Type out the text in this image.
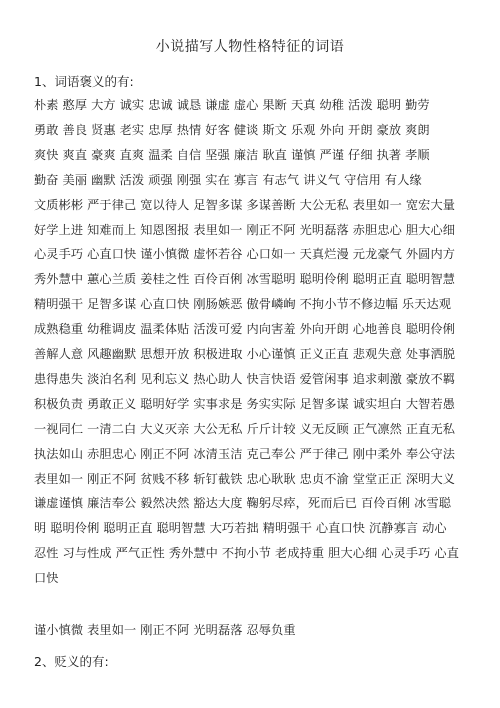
小说描写人物性格特征的词语
1、词语褒义的有:
朴素 憨厚 大方 诚实 忠诚 诚恳 谦虚 虚心 果断 天真 幼稚 活泼 聪明 勤劳
勇敢 善良 贤惠 老实 忠厚 热情 好客 健谈 斯文 乐观 外向 开朗 豪放 爽朗
爽快 爽直 豪爽 直爽 温柔 自信 坚强 廉洁 耿直 谨慎 严谨 仔细 执著 孝顺
勤奋 美丽 幽默 活泼 顽强 刚强 实在 寡言 有志气 讲义气 守信用 有人缘
文质彬彬 严于律己 宽以待人 足智多谋 多谋善断 大公无私 表里如一 宽宏大量
好学上进 知难而上 知恩图报 表里如一 刚正不阿 光明磊落 赤胆忠心 胆大心细
心灵手巧 心直口快 谨小慎微 虚怀若谷 心口如一 天真烂漫 元龙豪气 外圆内方
秀外慧中 蕙心兰质 姜桂之性 百伶百俐 冰雪聪明 聪明伶俐 聪明正直 聪明智慧
精明强干 足智多谋 心直口快 刚肠嫉恶 傲骨嶙峋 不拘小节不修边幅 乐天达观
成熟稳重 幼稚调皮 温柔体贴 活泼可爱 内向害羞 外向开朗 心地善良 聪明伶俐
善解人意 风趣幽默 思想开放 积极进取 小心谨慎 正义正直 悲观失意 处事洒脱
患得患失 淡泊名利 见利忘义 热心助人 快言快语 爱管闲事 追求刺激 豪放不羁
积极负责 勇敢正义 聪明好学 实事求是 务实实际 足智多谋 诚实坦白 大智若愚
一视同仁 一清二白 大义灭亲 大公无私 斤斤计较 义无反顾 正气凛然 正直无私
执法如山 赤胆忠心 刚正不阿 冰清玉洁 克己奉公 严于律己 刚中柔外 奉公守法
表里如一 刚正不阿 贫贱不移 斩钉截铁 忠心耿耿 忠贞不渝 堂堂正正 深明大义
谦虚谨慎 廉洁奉公 毅然决然 豁达大度 鞠躬尽瘁，死而后已 百伶百俐 冰雪聪
明 聪明伶俐 聪明正直 聪明智慧 大巧若拙 精明强干 心直口快 沉静寡言 动心
忍性 习与性成 严气正性 秀外慧中 不拘小节 老成持重 胆大心细 心灵手巧 心直
口快
谨小慎微 表里如一 刚正不阿 光明磊落 忍辱负重
2、贬义的有:
